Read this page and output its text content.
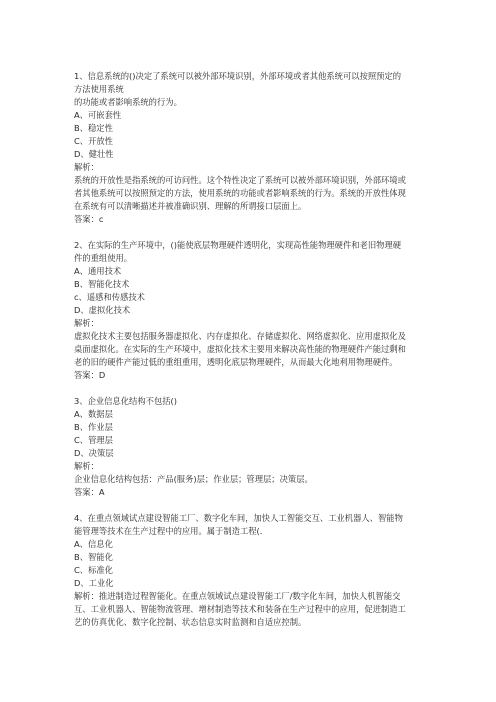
1、信息系统的()决定了系统可以被外部环境识别，外部环境或者其他系统可以按照预定的
方法使用系统
的功能或者影响系统的行为。
A、可嵌套性
B、稳定性
C、开放性
D、健壮性
解析：
系统的开放性是指系统的可访问性。这个特性决定了系统可以被外部环境识别，外部环境或
者其他系统可以按照预定的方法，使用系统的功能或者影响系统的行为。系统的开放性体现
在系统有可以清晰描述并被准确识别、理解的所谓接口层面上。
答案：c
2、在实际的生产环境中，()能使底层物理硬件透明化，实现高性能物理硬件和老旧物理硬
件的重组使用。
A、通用技术
B、智能化技术
c、遥感和传感技术
D、虚拟化技术
解析：
虚拟化技术主要包括服务器虚拟化、内存虚拟化、存储虚拟化、网络虚拟化、应用虚拟化及
桌面虚拟化。在实际的生产环境中，虚拟化技术主要用来解决高性能的物理硬件产能过剩和
老的旧的硬件产能过低的重组重用，透明化底层物理硬件，从而最大化地利用物理硬件。
答案：D
3、企业信息化结构不包括()
A、数据层
B、作业层
C、管理层
D、决策层
解析：
企业信息化结构包括：产品(服务)层；作业层；管理层；决策层。
答案：A
4、在重点领域试点建设智能工厂、数字化车间，加快人工智能交互、工业机器人、智能物
能管理等技术在生产过程中的应用。属于制造工程(.
A、信息化
B、智能化
C、标准化
D、工业化
解析：推进制造过程智能化。在重点领域试点建设智能工厂/数字化车间，加快人机智能交
互、工业机器人、智能物流管理、增材制造等技术和装备在生产过程中的应用，促进制造工
艺的仿真优化、数字化控制、状态信息实时监测和自适应控制。
